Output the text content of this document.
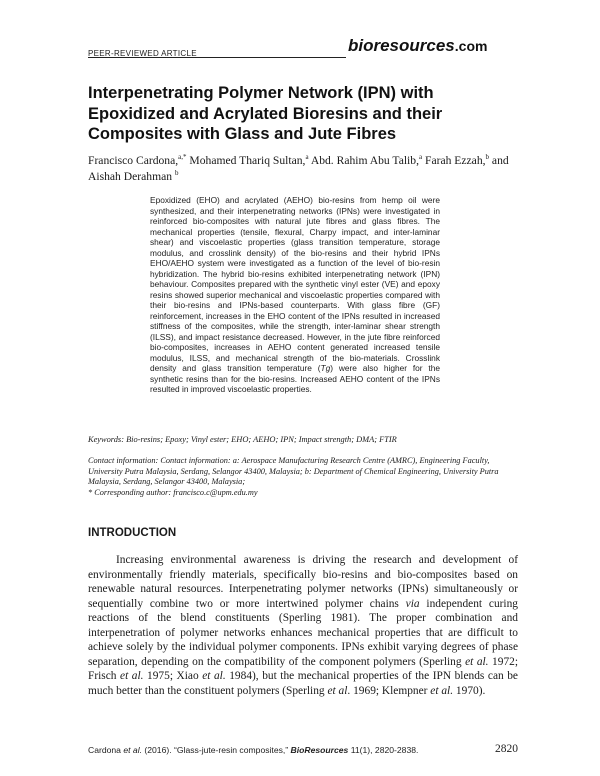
PEER-REVIEWED ARTICLE	bioresources.com
Interpenetrating Polymer Network (IPN) with Epoxidized and Acrylated Bioresins and their Composites with Glass and Jute Fibres
Francisco Cardona,$^{a,*}$ Mohamed Thariq Sultan,$^a$ Abd. Rahim Abu Talib,$^a$ Farah Ezzah,$^b$ and Aishah Derahman $^b$
Epoxidized (EHO) and acrylated (AEHO) bio-resins from hemp oil were synthesized, and their interpenetrating networks (IPNs) were investigated in reinforced bio-composites with natural jute fibres and glass fibres. The mechanical properties (tensile, flexural, Charpy impact, and inter-laminar shear) and viscoelastic properties (glass transition temperature, storage modulus, and crosslink density) of the bio-resins and their hybrid IPNs EHO/AEHO system were investigated as a function of the level of bio-resin hybridization. The hybrid bio-resins exhibited interpenetrating network (IPN) behaviour. Composites prepared with the synthetic vinyl ester (VE) and epoxy resins showed superior mechanical and viscoelastic properties compared with their bio-resins and IPNs-based counterparts. With glass fibre (GF) reinforcement, increases in the EHO content of the IPNs resulted in increased stiffness of the composites, while the strength, inter-laminar shear strength (ILSS), and impact resistance decreased. However, in the jute fibre reinforced bio-composites, increases in AEHO content generated increased tensile modulus, ILSS, and mechanical strength of the bio-materials. Crosslink density and glass transition temperature (Tg) were also higher for the synthetic resins than for the bio-resins. Increased AEHO content of the IPNs resulted in improved viscoelastic properties.
Keywords: Bio-resins; Epoxy; Vinyl ester; EHO; AEHO; IPN; Impact strength; DMA; FTIR

Contact information: Contact information: a: Aerospace Manufacturing Research Centre (AMRC), Engineering Faculty, University Putra Malaysia, Serdang, Selangor 43400, Malaysia; b: Department of Chemical Engineering, University Putra Malaysia, Serdang, Selangor 43400, Malaysia;

* Corresponding author: francisco.c@upm.edu.my

INTRODUCTION
Increasing environmental awareness is driving the research and development of environmentally friendly materials, specifically bio-resins and bio-composites based on renewable natural resources. Interpenetrating polymer networks (IPNs) simultaneously or sequentially combine two or more intertwined polymer chains via independent curing reactions of the blend constituents (Sperling 1981). The proper combination and interpenetration of polymer networks enhances mechanical properties that are difficult to achieve solely by the individual polymer components. IPNs exhibit varying degrees of phase separation, depending on the compatibility of the component polymers (Sperling et al. 1972; Frisch et al. 1975; Xiao et al. 1984), but the mechanical properties of the IPN blends can be much better than the constituent polymers (Sperling et al. 1969; Klempner et al. 1970).
Cardona et al. (2016). “Glass-jute-resin composites,” BioResources 11(1), 2820-2838.	2820
